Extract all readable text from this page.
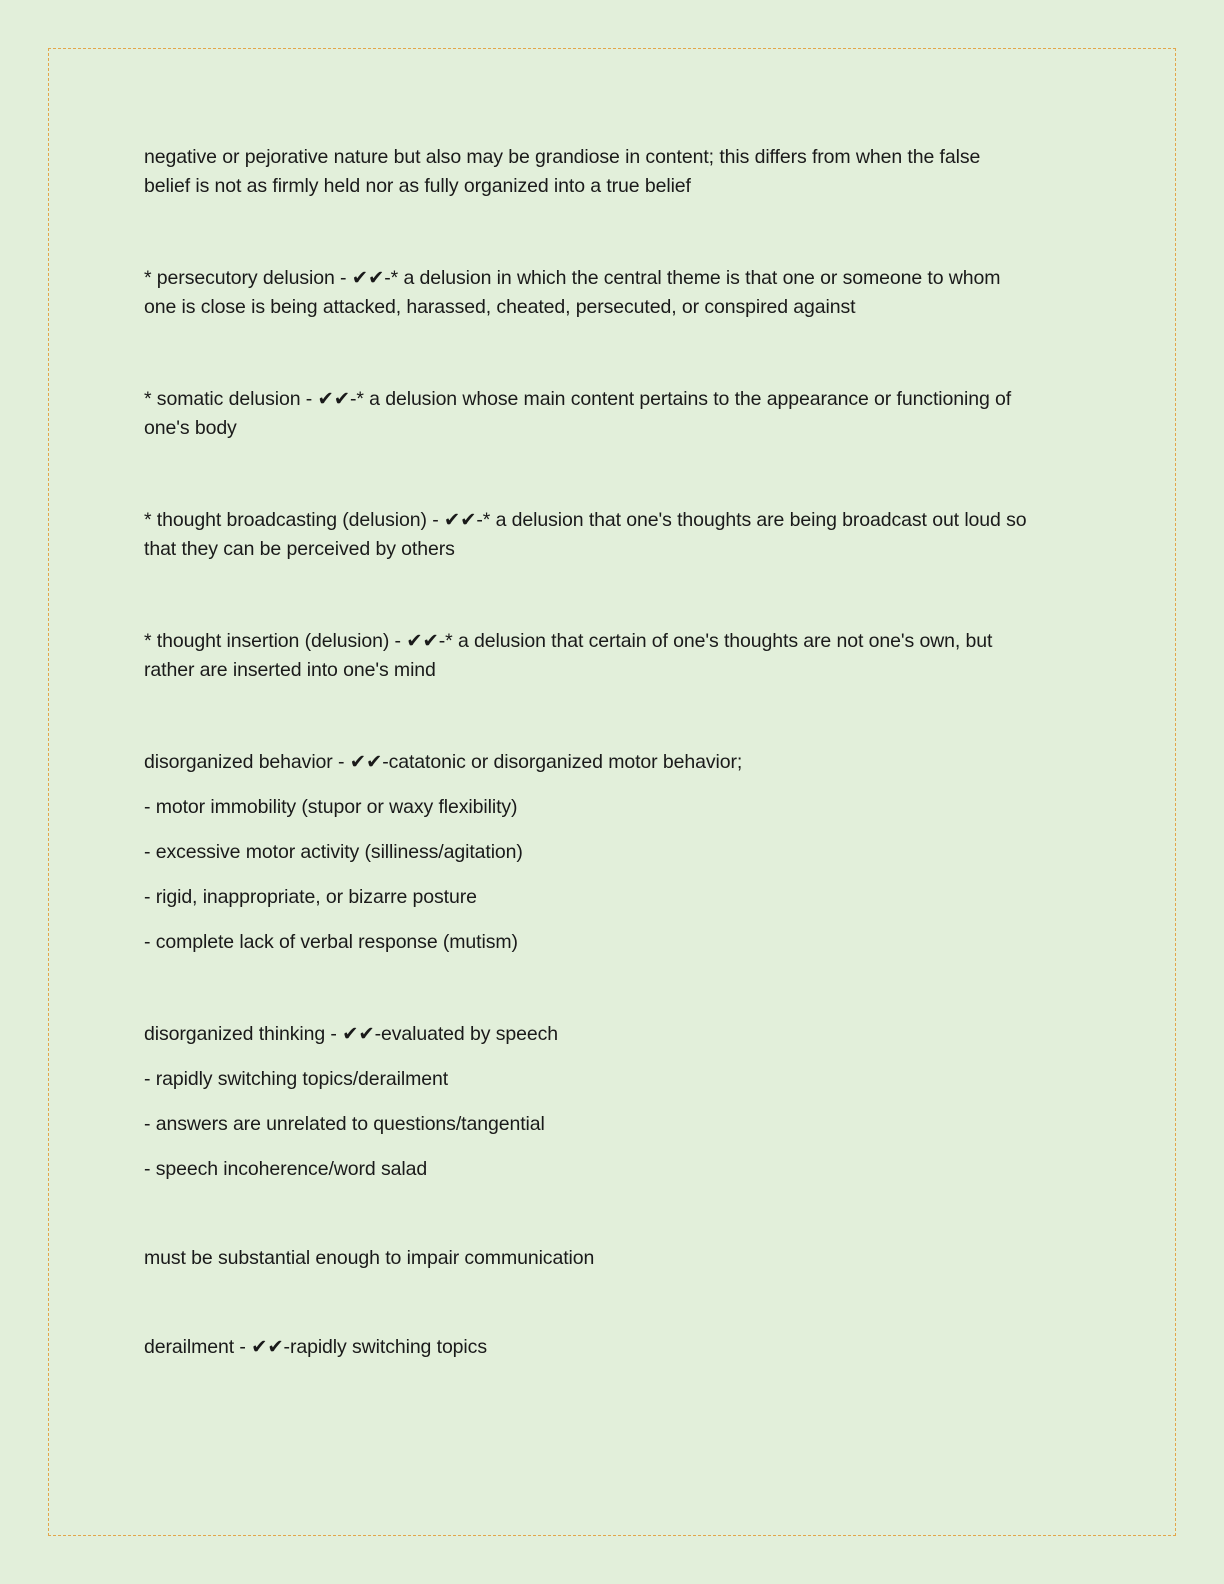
negative or pejorative nature but also may be grandiose in content; this differs from when the false

belief is not as firmly held nor as fully organized into a true belief

* persecutory delusion - ✔✔-* a delusion in which the central theme is that one or someone to whom

one is close is being attacked, harassed, cheated, persecuted, or conspired against

* somatic delusion - ✔✔-* a delusion whose main content pertains to the appearance or functioning of

one's body

* thought broadcasting (delusion) - ✔✔-* a delusion that one's thoughts are being broadcast out loud so

that they can be perceived by others

* thought insertion (delusion) - ✔✔-* a delusion that certain of one's thoughts are not one's own, but

rather are inserted into one's mind

disorganized behavior - ✔✔-catatonic or disorganized motor behavior;

- motor immobility (stupor or waxy flexibility)

- excessive motor activity (silliness/agitation)

- rigid, inappropriate, or bizarre posture

- complete lack of verbal response (mutism)

disorganized thinking - ✔✔-evaluated by speech

- rapidly switching topics/derailment

- answers are unrelated to questions/tangential

- speech incoherence/word salad

must be substantial enough to impair communication

derailment - ✔✔-rapidly switching topics
